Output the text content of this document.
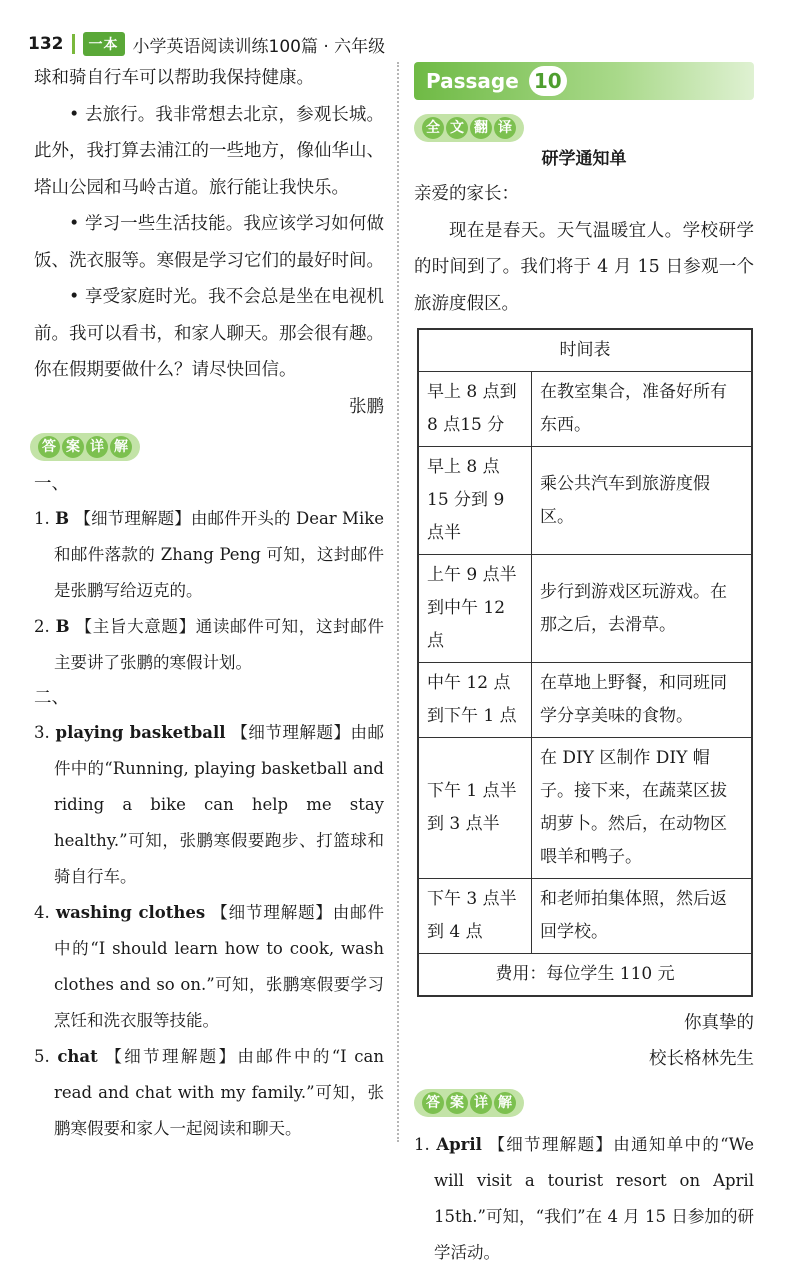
132	一本 小学英语阅读训练100篇 · 六年级

球和骑自行车可以帮助我保持健康。

• 去旅行。我非常想去北京，参观长城。此外，我打算去浦江的一些地方，像仙华山、塔山公园和马岭古道。旅行能让我快乐。

• 学习一些生活技能。我应该学习如何做饭、洗衣服等。寒假是学习它们的最好时间。

• 享受家庭时光。我不会总是坐在电视机前。我可以看书，和家人聊天。那会很有趣。你在假期要做什么？请尽快回信。

张鹏

答 案 详 解

一、

1. B 【细节理解题】由邮件开头的 Dear Mike 和邮件落款的 Zhang Peng 可知，这封邮件是张鹏写给迈克的。

2. B 【主旨大意题】通读邮件可知，这封邮件主要讲了张鹏的寒假计划。

二、

3. playing basketball 【细节理解题】由邮件中的“Running, playing basketball and riding a bike can help me stay healthy.”可知，张鹏寒假要跑步、打篮球和骑自行车。

4. washing clothes 【细节理解题】由邮件中的“I should learn how to cook, wash clothes and so on.”可知，张鹏寒假要学习烹饪和洗衣服等技能。

5. chat 【细节理解题】由邮件中的“I can read and chat with my family.”可知，张鹏寒假要和家人一起阅读和聊天。

Passage 10
全 文 翻 译

研学通知单

亲爱的家长：

现在是春天。天气温暖宜人。学校研学的时间到了。我们将于 4 月 15 日参观一个旅游度假区。

时间表	
早上 8 点到 8 点15 分	在教室集合，准备好所有东西。
早上 8 点 15 分到 9 点半	乘公共汽车到旅游度假区。
上午 9 点半到中午 12 点	步行到游戏区玩游戏。在那之后，去滑草。
中午 12 点到下午 1 点	在草地上野餐，和同班同学分享美味的食物。
下午 1 点半到 3 点半	在 DIY 区制作 DIY 帽子。接下来，在蔬菜区拔胡萝卜。然后，在动物区喂羊和鸭子。
下午 3 点半到 4 点	和老师拍集体照，然后返回学校。
费用：每位学生 110 元	

你真挚的

校长格林先生

答 案 详 解

1. April 【细节理解题】由通知单中的“We will visit a tourist resort on April 15th.”可知，“我们”在 4 月 15 日参加的研学活动。
